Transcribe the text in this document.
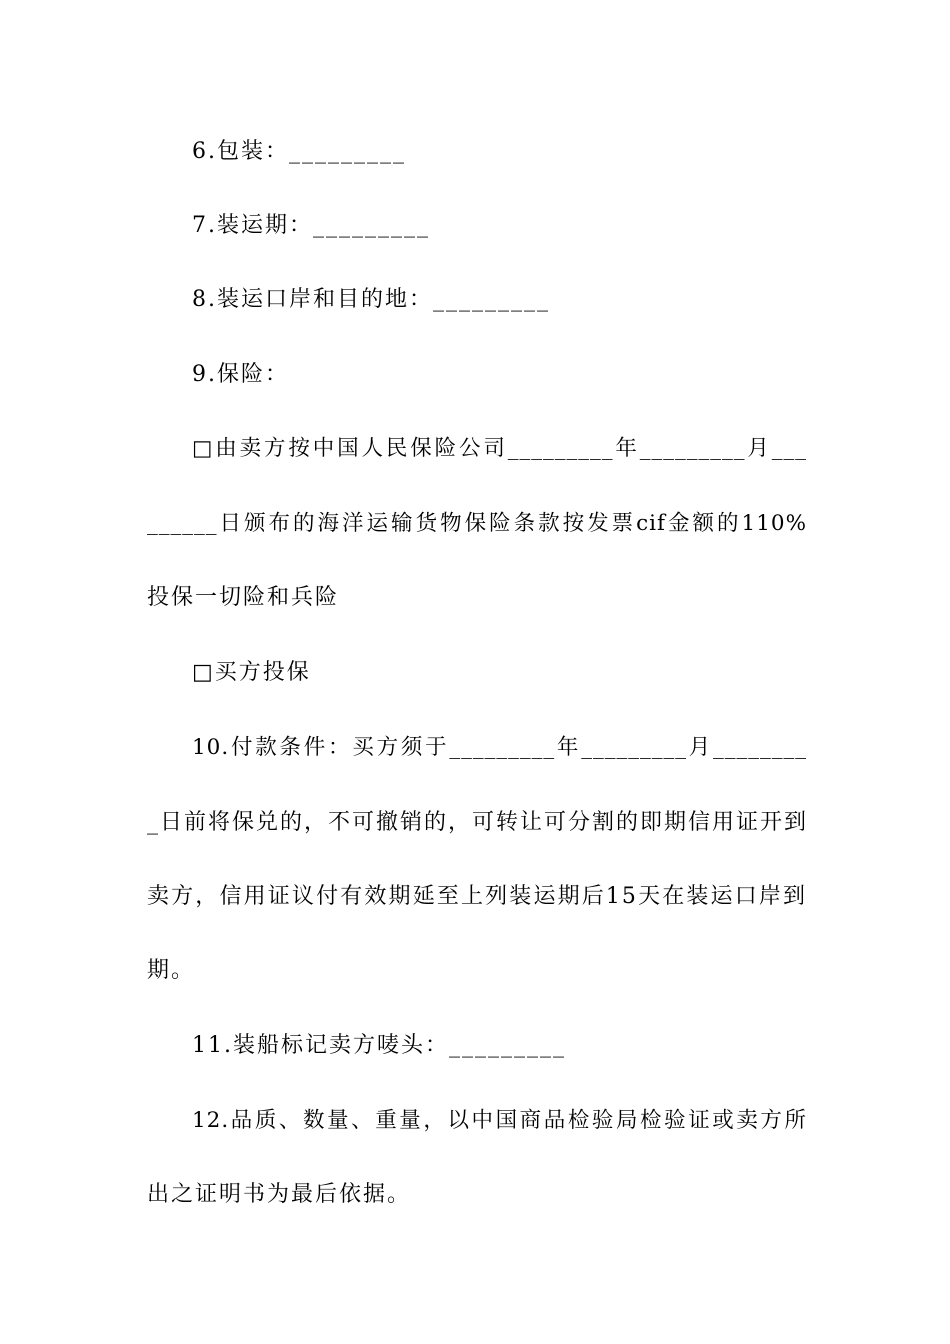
6.包装：_________
7.装运期：_________
8.装运口岸和目的地：_________
9.保险：
□由卖方按中国人民保险公司_________年_________月___
______日颁布的海洋运输货物保险条款按发票cif金额的110%
投保一切险和兵险
□买方投保
10.付款条件：买方须于_________年_________月________
_日前将保兑的，不可撤销的，可转让可分割的即期信用证开到
卖方，信用证议付有效期延至上列装运期后15天在装运口岸到
期。
11.装船标记卖方唛头：_________
12.品质、数量、重量，以中国商品检验局检验证或卖方所
出之证明书为最后依据。
